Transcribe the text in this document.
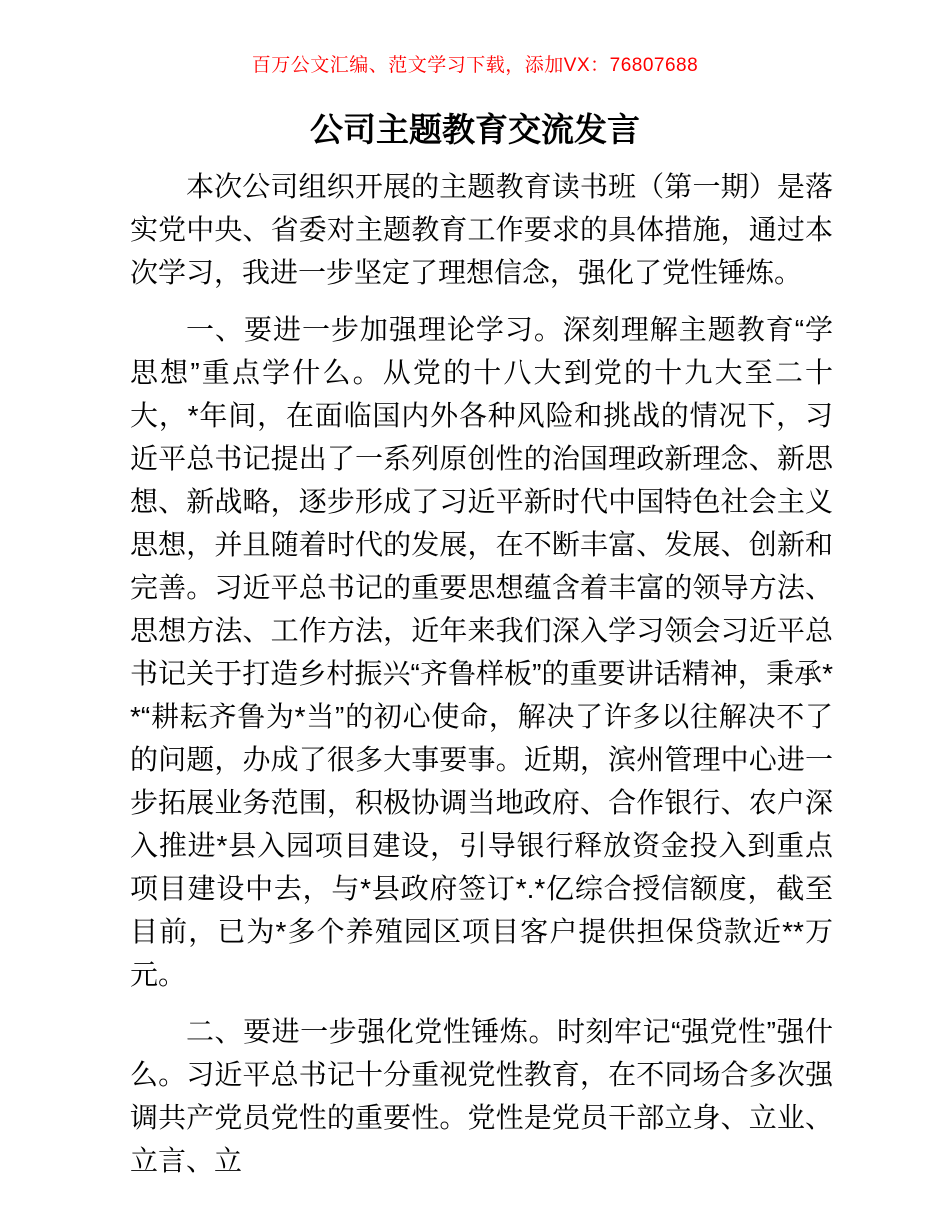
百万公文汇编、范文学习下载，添加VX：76807688
公司主题教育交流发言

本次公司组织开展的主题教育读书班（第一期）是落实党中央、省委对主题教育工作要求的具体措施，通过本次学习，我进一步坚定了理想信念，强化了党性锤炼。

一、要进一步加强理论学习。深刻理解主题教育“学思想”重点学什么。从党的十八大到党的十九大至二十大，*年间，在面临国内外各种风险和挑战的情况下，习近平总书记提出了一系列原创性的治国理政新理念、新思想、新战略，逐步形成了习近平新时代中国特色社会主义思想，并且随着时代的发展，在不断丰富、发展、创新和完善。习近平总书记的重要思想蕴含着丰富的领导方法、思想方法、工作方法，近年来我们深入学习领会习近平总书记关于打造乡村振兴“齐鲁样板”的重要讲话精神，秉承**“耕耘齐鲁为*当”的初心使命，解决了许多以往解决不了的问题，办成了很多大事要事。近期，滨州管理中心进一步拓展业务范围，积极协调当地政府、合作银行、农户深入推进*县入园项目建设，引导银行释放资金投入到重点项目建设中去，与*县政府签订*.*亿综合授信额度，截至目前，已为*多个养殖园区项目客户提供担保贷款近**万元。

二、要进一步强化党性锤炼。时刻牢记“强党性”强什么。习近平总书记十分重视党性教育，在不同场合多次强调共产党员党性的重要性。党性是党员干部立身、立业、立言、立
